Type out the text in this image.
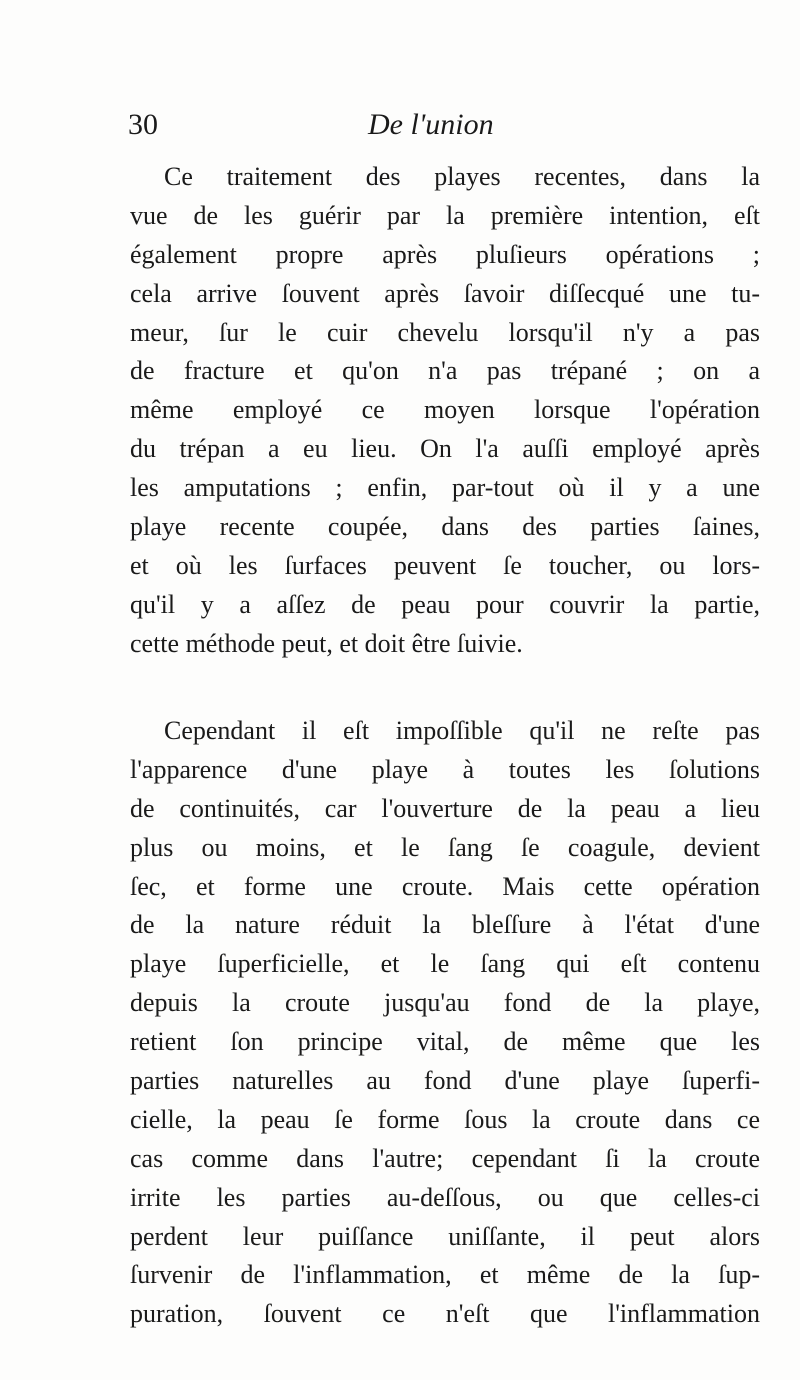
30	De l'union
Ce traitement des playes recentes, dans la
vue de les guérir par la première intention, eſt
également propre après pluſieurs opérations ;
cela arrive ſouvent après ſavoir diſſecqué une tu-
meur, ſur le cuir chevelu lorsqu'il n'y a pas
de fracture et qu'on n'a pas trépané ; on a
même employé ce moyen lorsque l'opération
du trépan a eu lieu. On l'a auſſi employé après
les amputations ; enfin, par-tout où il y a une
playe recente coupée, dans des parties ſaines,
et où les ſurfaces peuvent ſe toucher, ou lors-
qu'il y a aſſez de peau pour couvrir la partie,
cette méthode peut, et doit être ſuivie.
Cependant il eſt impoſſible qu'il ne reſte pas
l'apparence d'une playe à toutes les ſolutions
de continuités, car l'ouverture de la peau a lieu
plus ou moins, et le ſang ſe coagule, devient
ſec, et forme une croute. Mais cette opération
de la nature réduit la bleſſure à l'état d'une
playe ſuperficielle, et le ſang qui eſt contenu
depuis la croute jusqu'au fond de la playe,
retient ſon principe vital, de même que les
parties naturelles au fond d'une playe ſuperfi-
cielle, la peau ſe forme ſous la croute dans ce
cas comme dans l'autre; cependant ſi la croute
irrite les parties au-deſſous, ou que celles-ci
perdent leur puiſſance uniſſante, il peut alors
ſurvenir de l'inflammation, et même de la ſup-
puration, ſouvent ce n'eſt que l'inflammation
